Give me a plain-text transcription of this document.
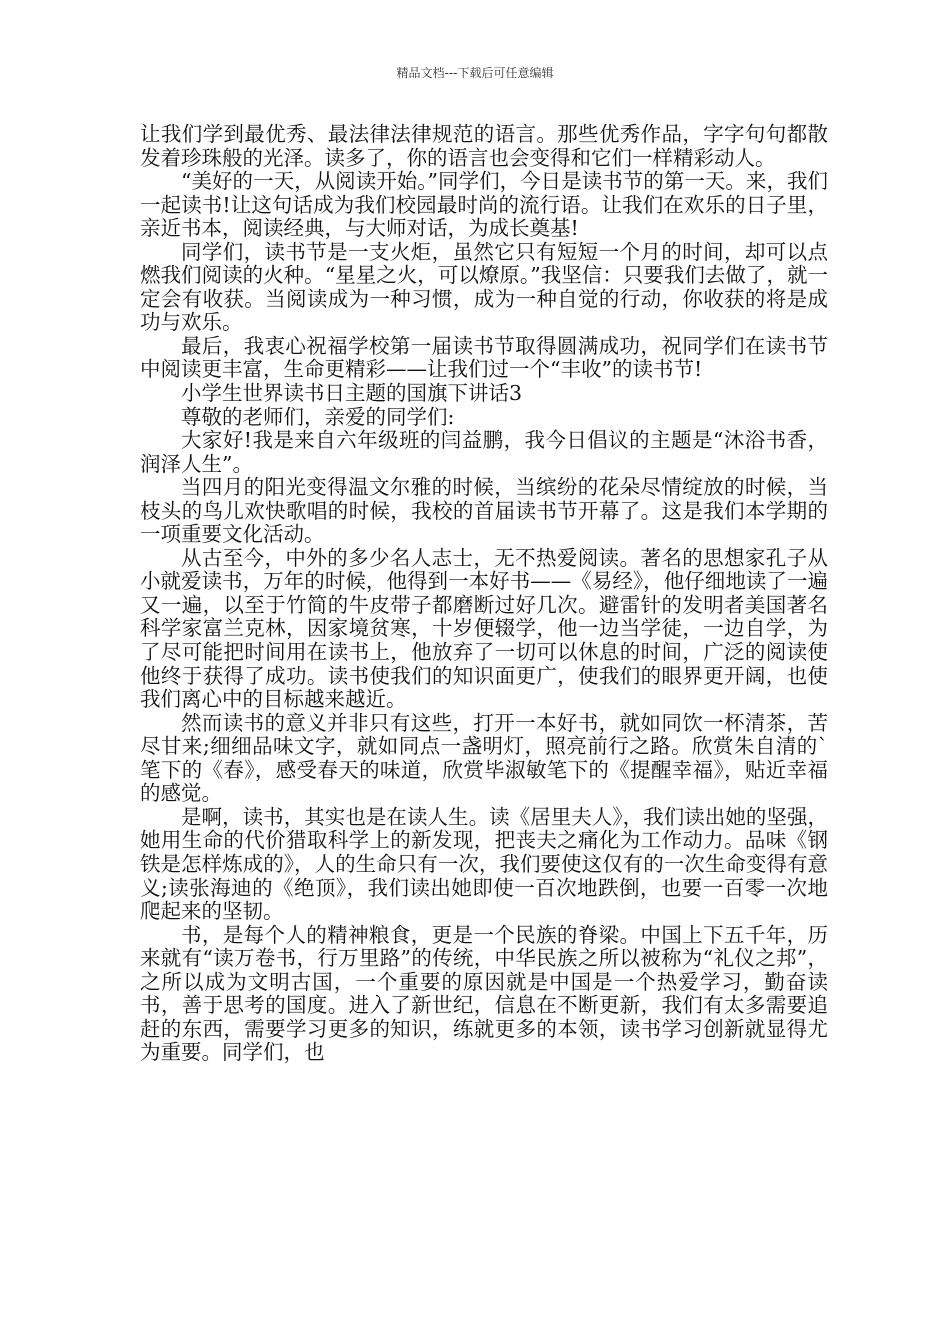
精品文档---下载后可任意编辑

让我们学到最优秀、最法律法律规范的语言。那些优秀作品，字字句句都散发着珍珠般的光泽。读多了，你的语言也会变得和它们一样精彩动人。

“美好的一天，从阅读开始。”同学们，今日是读书节的第一天。来，我们一起读书!让这句话成为我们校园最时尚的流行语。让我们在欢乐的日子里，亲近书本，阅读经典，与大师对话，为成长奠基!

同学们，读书节是一支火炬，虽然它只有短短一个月的时间，却可以点燃我们阅读的火种。“星星之火，可以燎原。”我坚信：只要我们去做了，就一定会有收获。当阅读成为一种习惯，成为一种自觉的行动，你收获的将是成功与欢乐。

最后，我衷心祝福学校第一届读书节取得圆满成功，祝同学们在读书节中阅读更丰富，生命更精彩——让我们过一个“丰收”的读书节!

小学生世界读书日主题的国旗下讲话3

尊敬的老师们，亲爱的同学们:

大家好!我是来自六年级班的闫益鹏，我今日倡议的主题是“沐浴书香，润泽人生”。

当四月的阳光变得温文尔雅的时候，当缤纷的花朵尽情绽放的时候，当枝头的鸟儿欢快歌唱的时候，我校的首届读书节开幕了。这是我们本学期的一项重要文化活动。

从古至今，中外的多少名人志士，无不热爱阅读。著名的思想家孔子从小就爱读书，万年的时候，他得到一本好书——《易经》，他仔细地读了一遍又一遍，以至于竹简的牛皮带子都磨断过好几次。避雷针的发明者美国著名科学家富兰克林，因家境贫寒，十岁便辍学，他一边当学徒，一边自学，为了尽可能把时间用在读书上，他放弃了一切可以休息的时间，广泛的阅读使他终于获得了成功。读书使我们的知识面更广，使我们的眼界更开阔，也使我们离心中的目标越来越近。

然而读书的意义并非只有这些，打开一本好书，就如同饮一杯清茶，苦尽甘来;细细品味文字，就如同点一盏明灯，照亮前行之路。欣赏朱自清的`笔下的《春》，感受春天的味道，欣赏毕淑敏笔下的《提醒幸福》，贴近幸福的感觉。

是啊，读书，其实也是在读人生。读《居里夫人》，我们读出她的坚强，她用生命的代价猎取科学上的新发现，把丧夫之痛化为工作动力。品味《钢铁是怎样炼成的》，人的生命只有一次，我们要使这仅有的一次生命变得有意义;读张海迪的《绝顶》，我们读出她即使一百次地跌倒，也要一百零一次地爬起来的坚韧。

书，是每个人的精神粮食，更是一个民族的脊梁。中国上下五千年，历来就有“读万卷书，行万里路”的传统，中华民族之所以被称为“礼仪之邦”，之所以成为文明古国，一个重要的原因就是中国是一个热爱学习，勤奋读书，善于思考的国度。进入了新世纪，信息在不断更新，我们有太多需要追赶的东西，需要学习更多的知识，练就更多的本领，读书学习创新就显得尤为重要。同学们，也
